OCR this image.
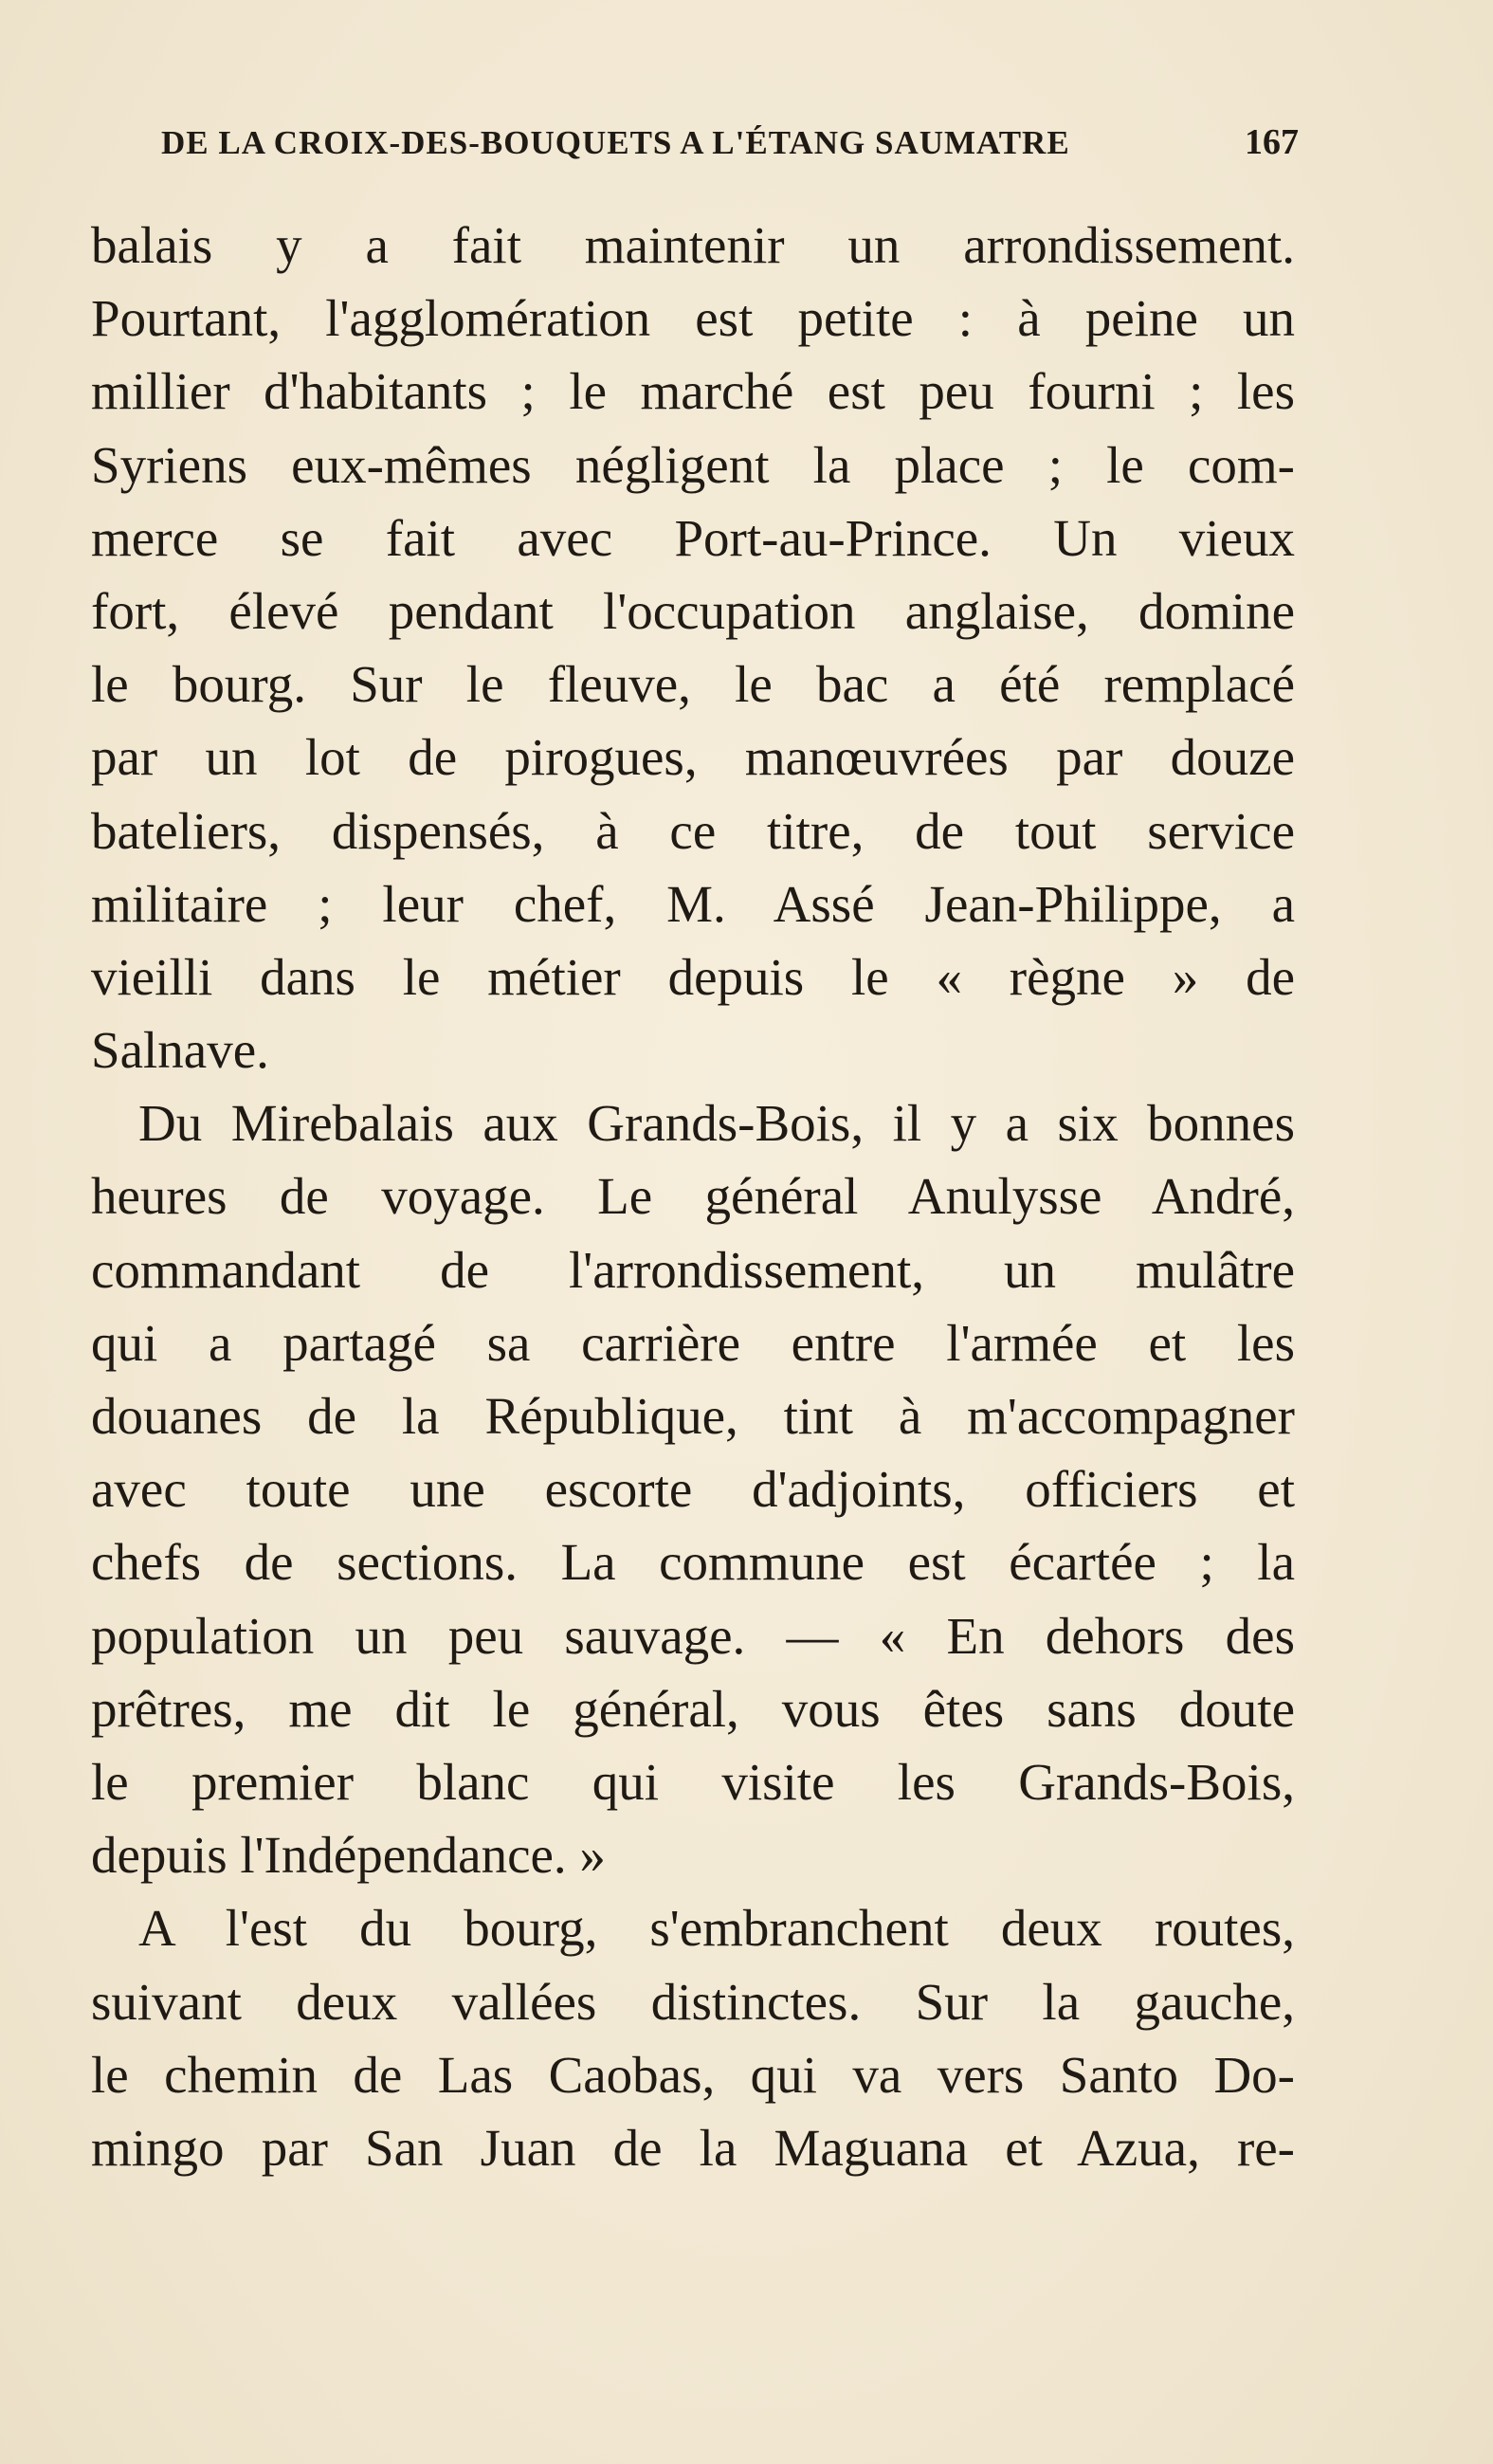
DE LA CROIX-DES-BOUQUETS A L'ÉTANG SAUMATRE	167
balais y a fait maintenir un arrondissement.
Pourtant, l'agglomération est petite : à peine un
millier d'habitants ; le marché est peu fourni ; les
Syriens eux-mêmes négligent la place ; le com-
merce se fait avec Port-au-Prince. Un vieux
fort, élevé pendant l'occupation anglaise, domine
le bourg. Sur le fleuve, le bac a été remplacé
par un lot de pirogues, manœuvrées par douze
bateliers, dispensés, à ce titre, de tout service
militaire ; leur chef, M. Assé Jean-Philippe, a
vieilli dans le métier depuis le « règne » de
Salnave.
Du Mirebalais aux Grands-Bois, il y a six bonnes
heures de voyage. Le général Anulysse André,
commandant de l'arrondissement, un mulâtre
qui a partagé sa carrière entre l'armée et les
douanes de la République, tint à m'accompagner
avec toute une escorte d'adjoints, officiers et
chefs de sections. La commune est écartée ; la
population un peu sauvage. — « En dehors des
prêtres, me dit le général, vous êtes sans doute
le premier blanc qui visite les Grands-Bois,
depuis l'Indépendance. »
A l'est du bourg, s'embranchent deux routes,
suivant deux vallées distinctes. Sur la gauche,
le chemin de Las Caobas, qui va vers Santo Do-
mingo par San Juan de la Maguana et Azua, re-
